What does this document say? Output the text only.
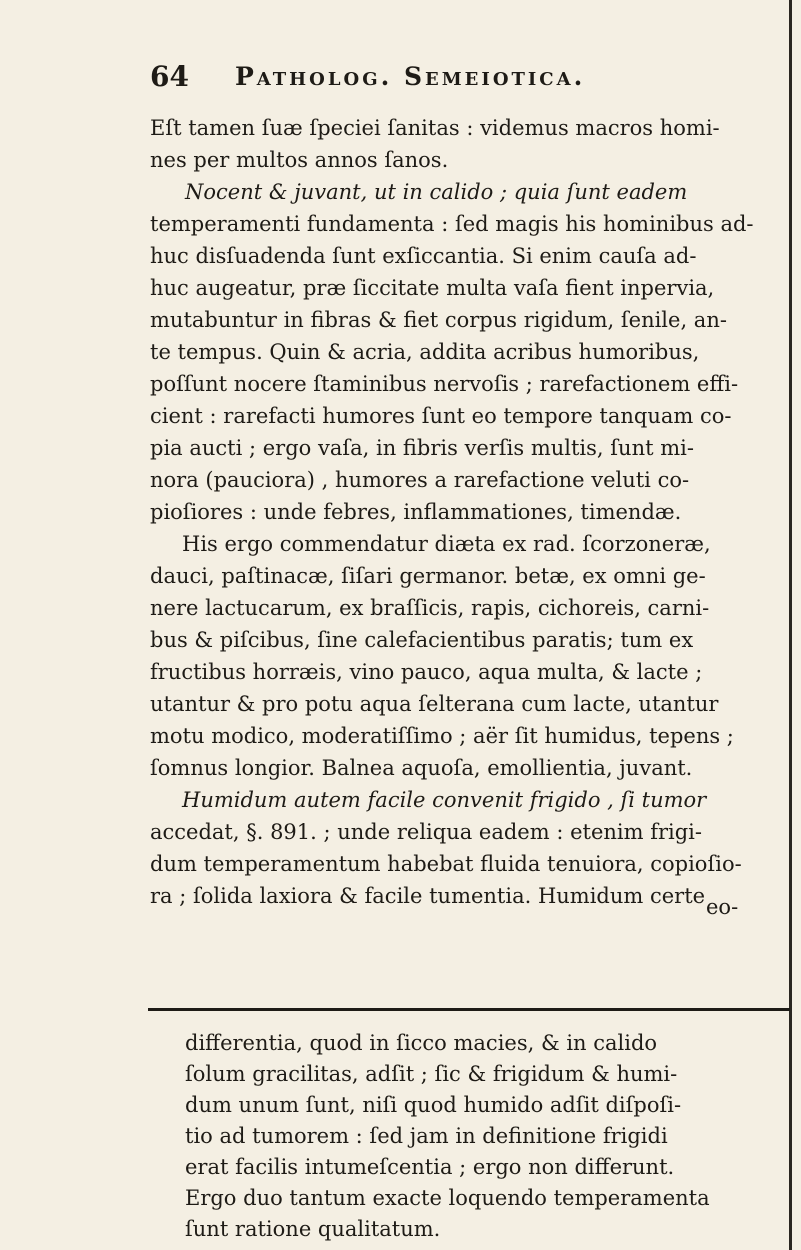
64 Patholog. Semeiotica.
Eſt tamen ſuæ ſpeciei ſanitas : videmus macros homi-
nes per multos annos ſanos.
Nocent & juvant, ut in calido ; quia ſunt eadem
temperamenti fundamenta : ſed magis his hominibus ad-
huc disſuadenda ſunt exſiccantia. Si enim cauſa ad-
huc augeatur, præ ſiccitate multa vaſa fient inpervia,
mutabuntur in fibras & fiet corpus rigidum, ſenile, an-
te tempus. Quin & acria, addita acribus humoribus,
poſſunt nocere ſtaminibus nervoſis ; rarefactionem effi-
cient : rarefacti humores ſunt eo tempore tanquam co-
pia aucti ; ergo vaſa, in fibris verſis multis, ſunt mi-
nora (pauciora) , humores a rarefactione veluti co-
pioſiores : unde febres, inflammationes, timendæ.
His ergo commendatur diæta ex rad. ſcorzoneræ,
dauci, paſtinacæ, ſiſari germanor. betæ, ex omni ge-
nere lactucarum, ex braſſicis, rapis, cichoreis, carni-
bus & piſcibus, ſine calefacientibus paratis; tum ex
fructibus horræis, vino pauco, aqua multa, & lacte ;
utantur & pro potu aqua ſelterana cum lacte, utantur
motu modico, moderatiſſimo ; aër ſit humidus, tepens ;
ſomnus longior. Balnea aquoſa, emollientia, juvant.
Humidum autem facile convenit frigido , ſi tumor
accedat, §. 891. ; unde reliqua eadem : etenim frigi-
dum temperamentum habebat fluida tenuiora, copioſio-
ra ; ſolida laxiora & facile tumentia. Humidum certe eo-
differentia, quod in ſicco macies, & in calido
ſolum gracilitas, adſit ; ſic & frigidum & humi-
dum unum ſunt, niſi quod humido adſit diſpoſi-
tio ad tumorem : ſed jam in definitione frigidi
erat facilis intumeſcentia ; ergo non differunt.
Ergo duo tantum exacte loquendo temperamenta
ſunt ratione qualitatum.
